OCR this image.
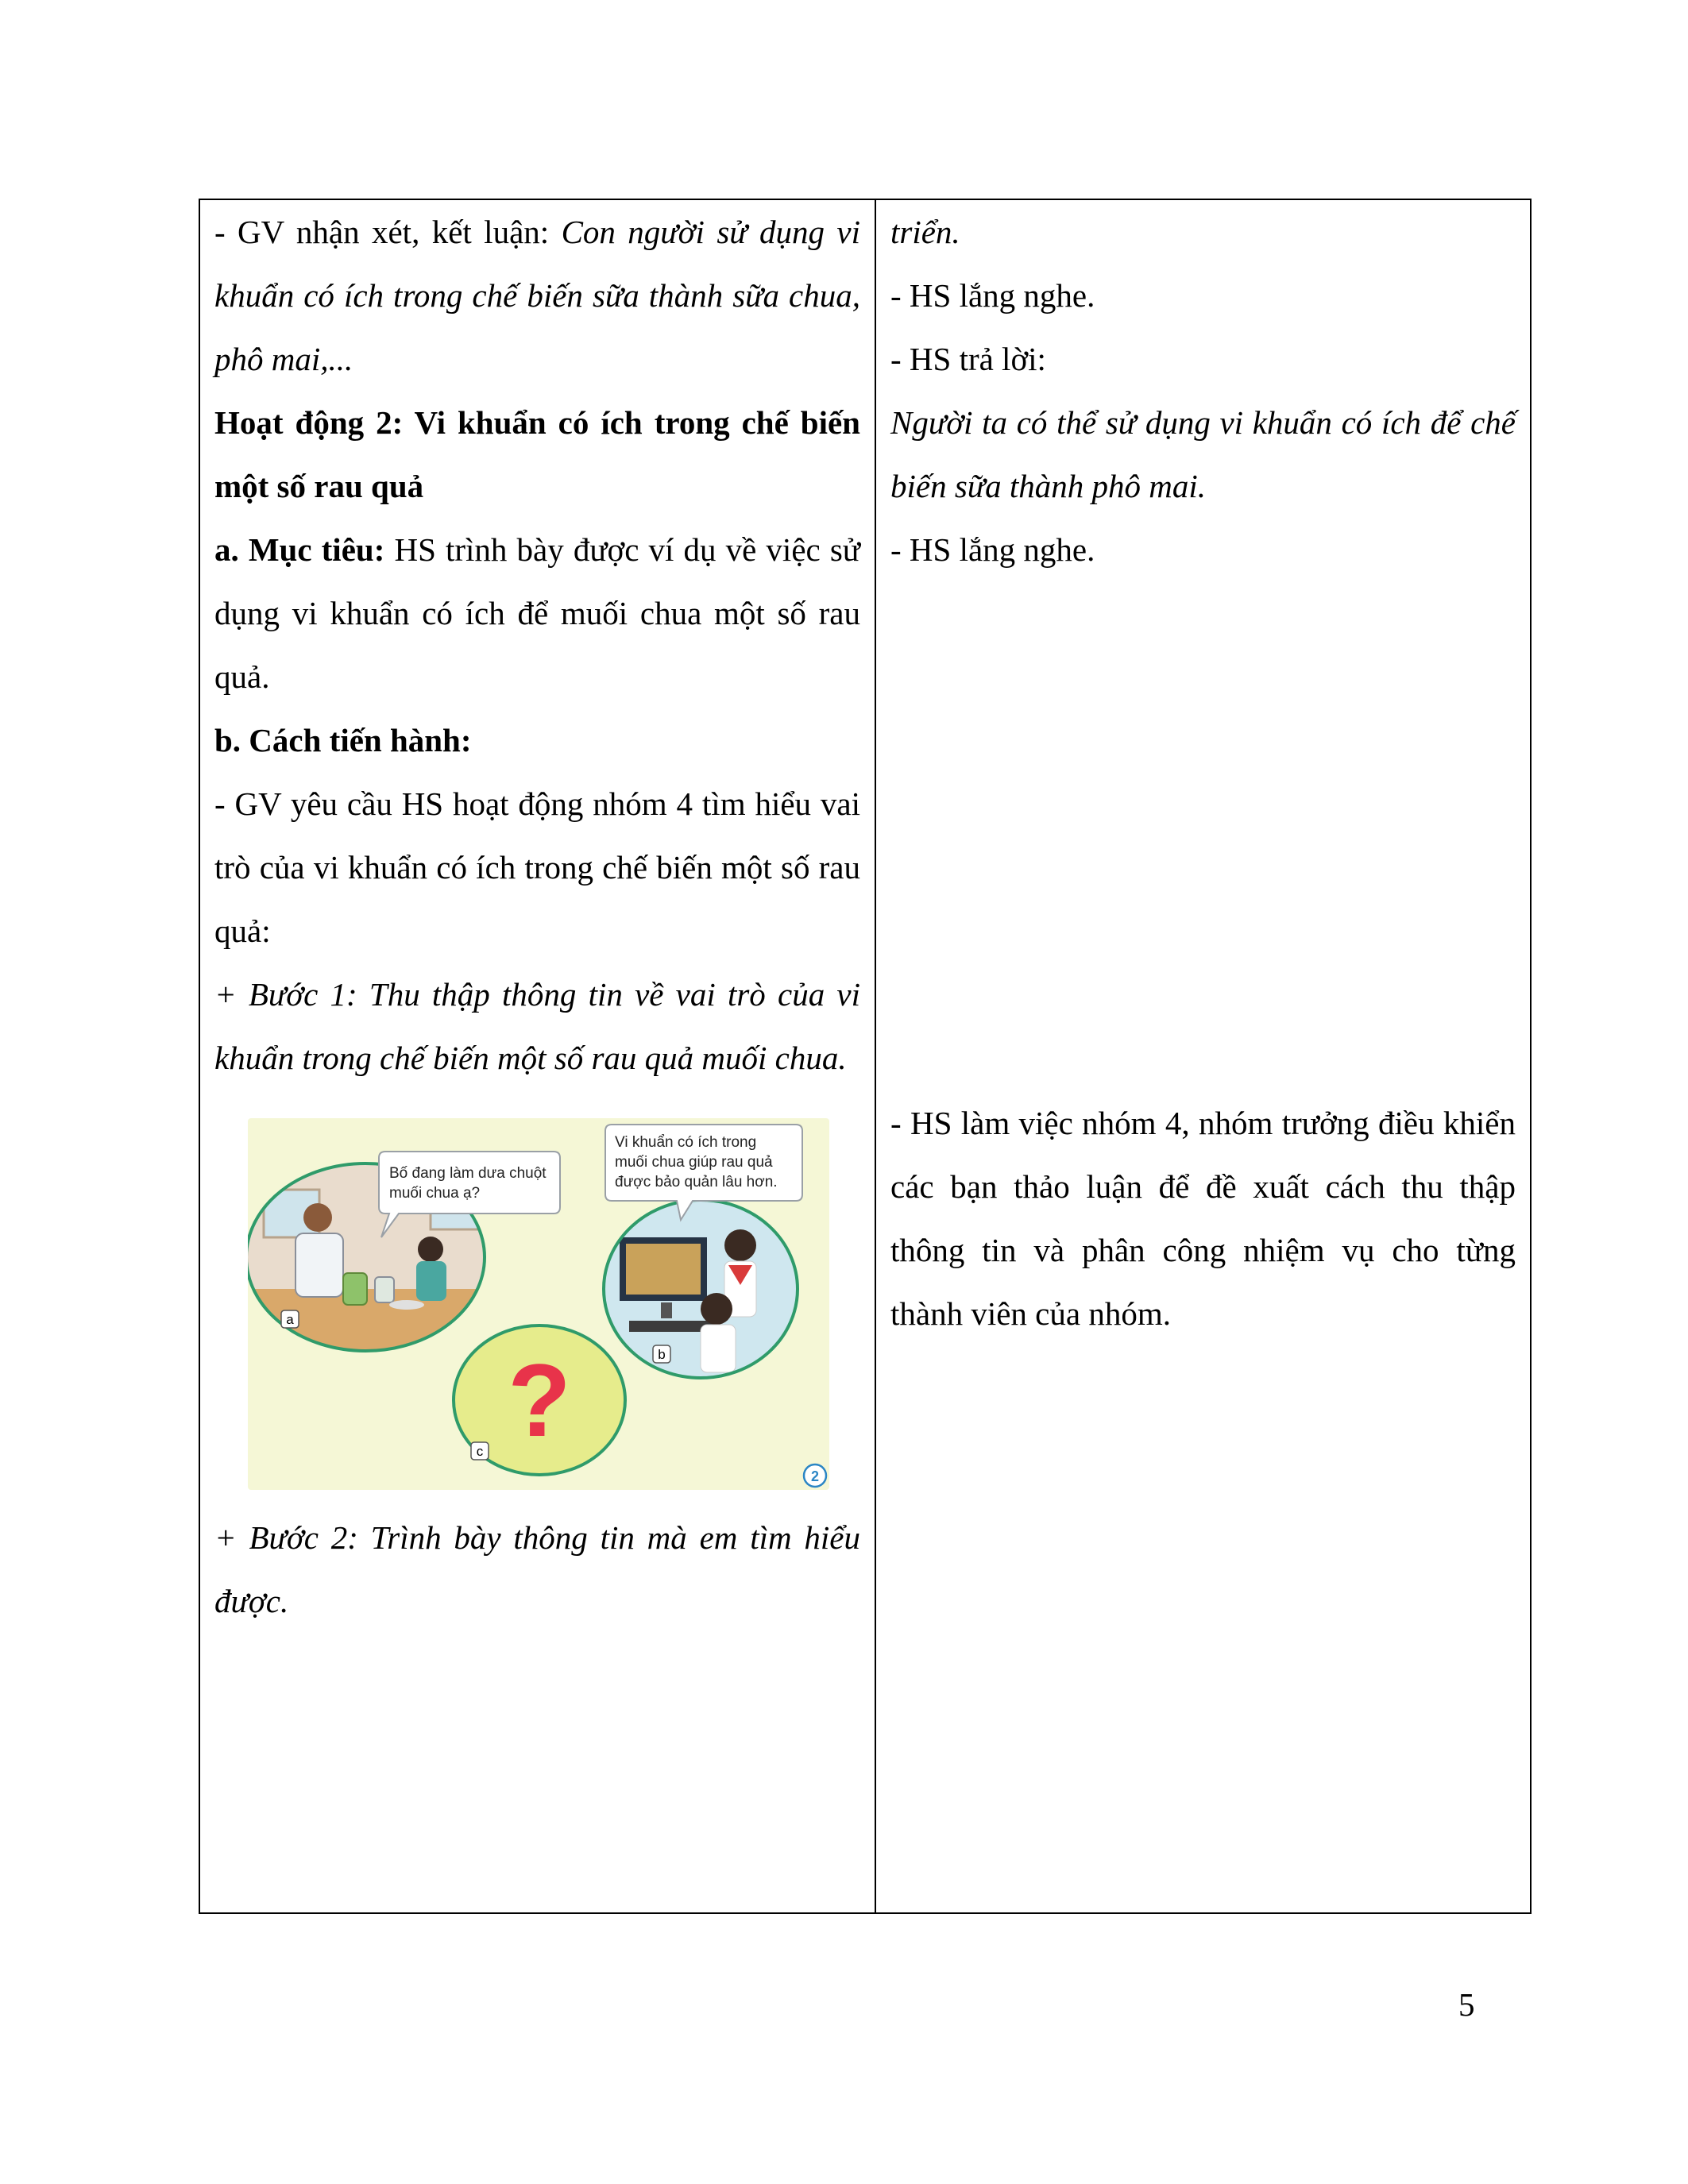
- GV nhận xét, kết luận: Con người sử dụng vi khuẩn có ích trong chế biến sữa thành sữa chua, phô mai,...

Hoạt động 2: Vi khuẩn có ích trong chế biến một số rau quả

a. Mục tiêu: HS trình bày được ví dụ về việc sử dụng vi khuẩn có ích để muối chua một số rau quả.

b. Cách tiến hành:

- GV yêu cầu HS hoạt động nhóm 4 tìm hiểu vai trò của vi khuẩn có ích trong chế biến một số rau quả:

+ Bước 1: Thu thập thông tin về vai trò của vi khuẩn trong chế biến một số rau quả muối chua.

Bố đang làm dưa chuột
muối chua ạ?
Vi khuẩn có ích trong
muối chua giúp rau quả
được bảo quản lâu hơn.
?
a
b
c
2

+ Bước 2: Trình bày thông tin mà em tìm hiểu được.

triển.

- HS lắng nghe.

- HS trả lời:

Người ta có thể sử dụng vi khuẩn có ích để chế biến sữa thành phô mai.

- HS lắng nghe.

- HS làm việc nhóm 4, nhóm trưởng điều khiển các bạn thảo luận để đề xuất cách thu thập thông tin và phân công nhiệm vụ cho từng thành viên của nhóm.

5
